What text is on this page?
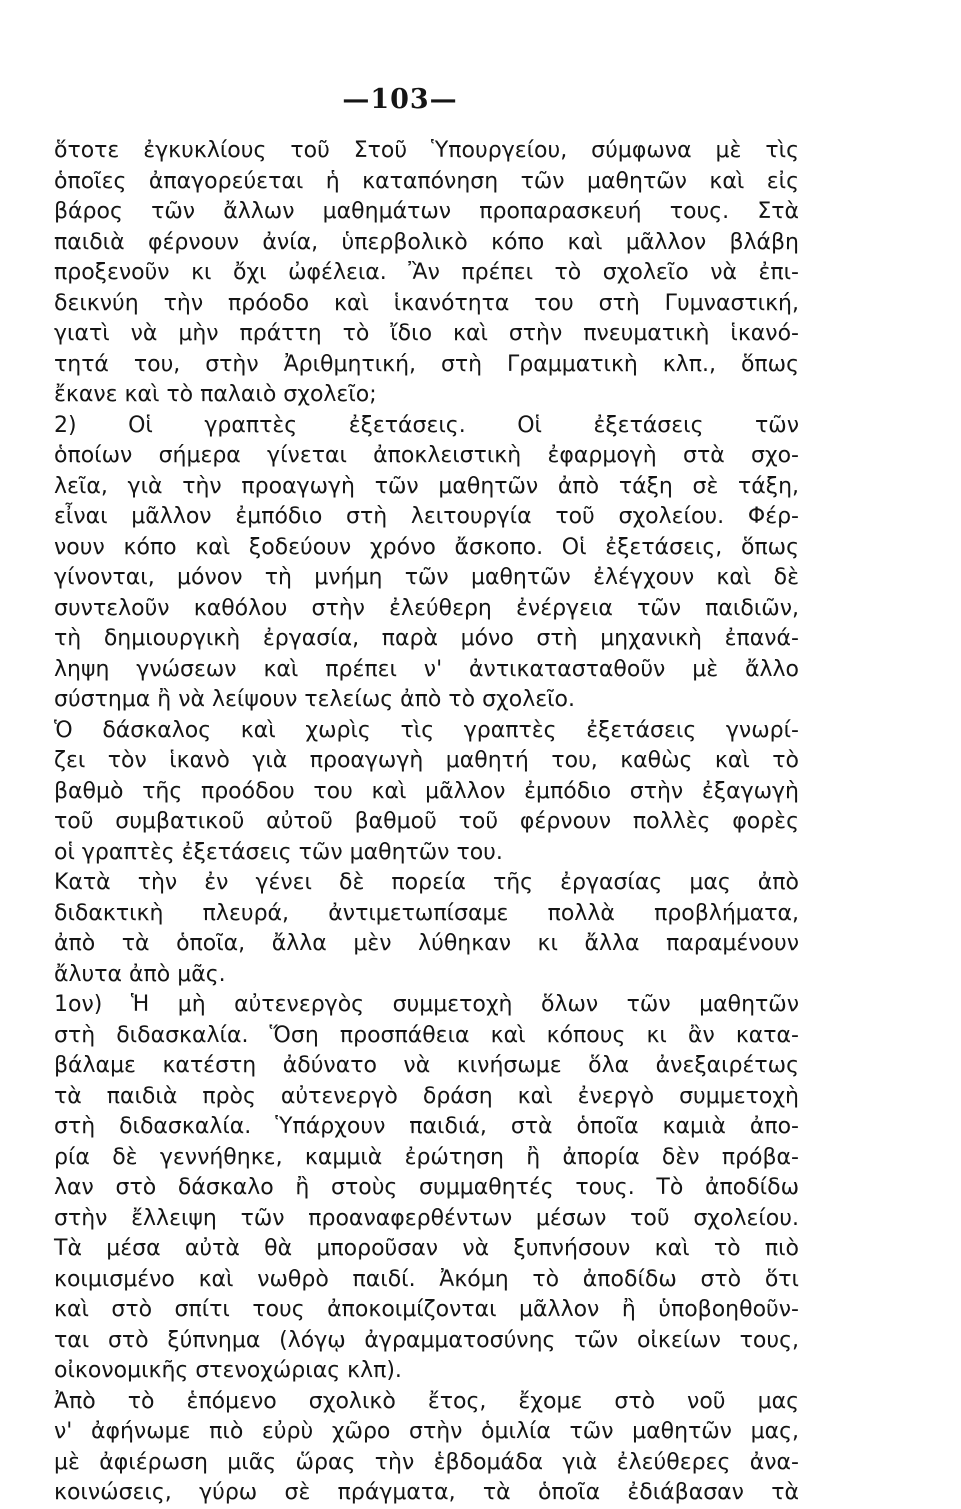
—103—
ὅτοτε ἐγκυκλίους τοῦ Στοῦ Ὑπουργείου, σύμφωνα μὲ τὶς
ὁποῖες ἀπαγορεύεται ἡ καταπόνηση τῶν μαθητῶν καὶ εἰς
βάρος τῶν ἄλλων μαθημάτων προπαρασκευή τους. Στὰ
παιδιὰ φέρνουν ἀνία, ὑπερβολικὸ κόπο καὶ μᾶλλον βλάβη
προξενοῦν κι ὄχι ὠφέλεια. Ἂν πρέπει τὸ σχολεῖο νὰ ἐπι-
δεικνύη τὴν πρόοδο καὶ ἱκανότητα του στὴ Γυμναστική,
γιατὶ νὰ μὴν πράττη τὸ ἴδιο καὶ στὴν πνευματικὴ ἱκανό-
τητά του, στὴν Ἀριθμητική, στὴ Γραμματικὴ κλπ., ὅπως
ἔκανε καὶ τὸ παλαιὸ σχολεῖο;
2) Οἱ γραπτὲς ἐξετάσεις. Οἱ ἐξετάσεις τῶν
ὁποίων σήμερα γίνεται ἀποκλειστικὴ ἐφαρμογὴ στὰ σχο-
λεῖα, γιὰ τὴν προαγωγὴ τῶν μαθητῶν ἀπὸ τάξη σὲ τάξη,
εἶναι μᾶλλον ἐμπόδιο στὴ λειτουργία τοῦ σχολείου. Φέρ-
νουν κόπο καὶ ξοδεύουν χρόνο ἄσκοπο. Οἱ ἐξετάσεις, ὅπως
γίνονται, μόνον τὴ μνήμη τῶν μαθητῶν ἐλέγχουν καὶ δὲ
συντελοῦν καθόλου στὴν ἐλεύθερη ἐνέργεια τῶν παιδιῶν,
τὴ δημιουργικὴ ἐργασία, παρὰ μόνο στὴ μηχανικὴ ἐπανά-
ληψη γνώσεων καὶ πρέπει ν' ἀντικατασταθοῦν μὲ ἄλλο
σύστημα ἢ νὰ λείψουν τελείως ἀπὸ τὸ σχολεῖο.
Ὁ δάσκαλος καὶ χωρὶς τὶς γραπτὲς ἐξετάσεις γνωρί-
ζει τὸν ἱκανὸ γιὰ προαγωγὴ μαθητή του, καθὼς καὶ τὸ
βαθμὸ τῆς προόδου του καὶ μᾶλλον ἐμπόδιο στὴν ἐξαγωγὴ
τοῦ συμβατικοῦ αὐτοῦ βαθμοῦ τοῦ φέρνουν πολλὲς φορὲς
οἱ γραπτὲς ἐξετάσεις τῶν μαθητῶν του.
Κατὰ τὴν ἐν γένει δὲ πορεία τῆς ἐργασίας μας ἀπὸ
διδακτικὴ πλευρά, ἀντιμετωπίσαμε πολλὰ προβλήματα,
ἀπὸ τὰ ὁποῖα, ἄλλα μὲν λύθηκαν κι ἄλλα παραμένουν
ἄλυτα ἀπὸ μᾶς.
1ον) Ἡ μὴ αὐτενεργὸς συμμετοχὴ ὅλων τῶν μαθητῶν
στὴ διδασκαλία. Ὅση προσπάθεια καὶ κόπους κι ἂν κατα-
βάλαμε κατέστη ἀδύνατο νὰ κινήσωμε ὅλα ἀνεξαιρέτως
τὰ παιδιὰ πρὸς αὐτενεργὸ δράση καὶ ἐνεργὸ συμμετοχὴ
στὴ διδασκαλία. Ὑπάρχουν παιδιά, στὰ ὁποῖα καμιὰ ἀπο-
ρία δὲ γεννήθηκε, καμμιὰ ἐρώτηση ἢ ἀπορία δὲν πρόβα-
λαν στὸ δάσκαλο ἢ στοὺς συμμαθητές τους. Τὸ ἀποδίδω
στὴν ἔλλειψη τῶν προαναφερθέντων μέσων τοῦ σχολείου.
Τὰ μέσα αὐτὰ θὰ μποροῦσαν νὰ ξυπνήσουν καὶ τὸ πιὸ
κοιμισμένο καὶ νωθρὸ παιδί. Ἀκόμη τὸ ἀποδίδω στὸ ὅτι
καὶ στὸ σπίτι τους ἀποκοιμίζονται μᾶλλον ἢ ὑποβοηθοῦν-
ται στὸ ξύπνημα (λόγῳ ἀγραμματοσύνης τῶν οἰκείων τους,
οἰκονομικῆς στενοχώριας κλπ).
Ἀπὸ τὸ ἑπόμενο σχολικὸ ἔτος, ἔχομε στὸ νοῦ μας
ν' ἀφήνωμε πιὸ εὐρὺ χῶρο στὴν ὁμιλία τῶν μαθητῶν μας,
μὲ ἀφιέρωση μιᾶς ὥρας τὴν ἑβδομάδα γιὰ ἐλεύθερες ἀνα-
κοινώσεις, γύρω σὲ πράγματα, τὰ ὁποῖα ἐδιάβασαν τὰ
